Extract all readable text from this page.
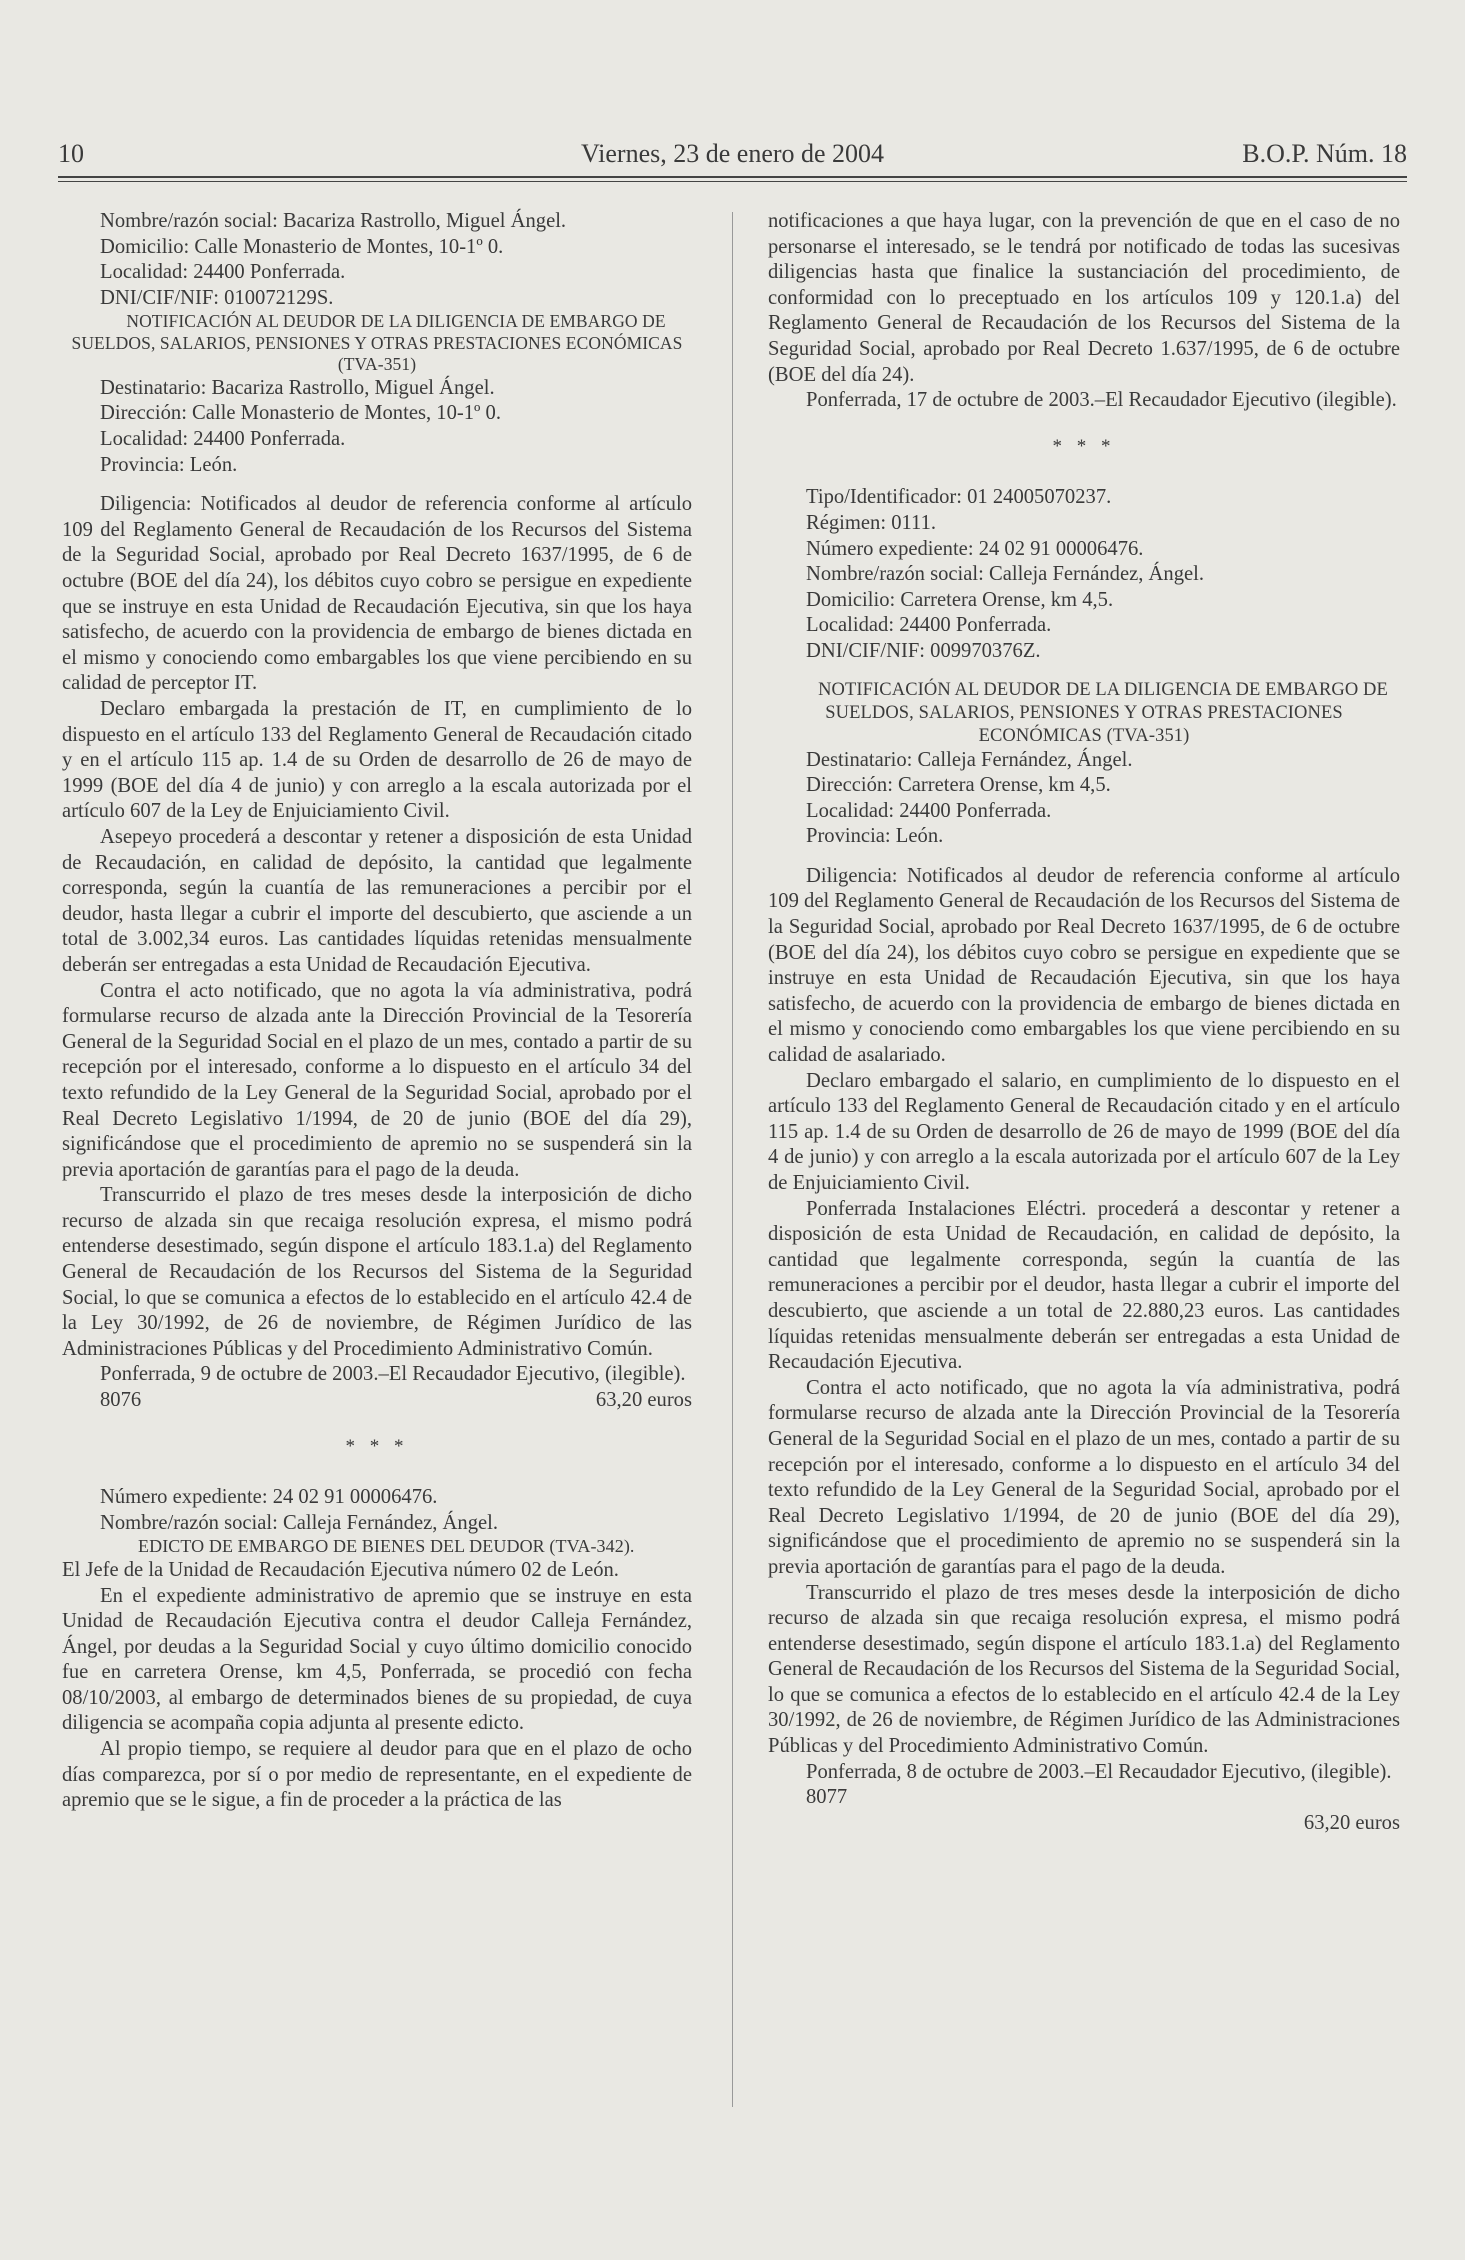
10	Viernes, 23 de enero de 2004	B.O.P. Núm. 18
Nombre/razón social: Bacariza Rastrollo, Miguel Ángel.
Domicilio: Calle Monasterio de Montes, 10-1º 0.
Localidad: 24400 Ponferrada.
DNI/CIF/NIF: 010072129S.

NOTIFICACIÓN AL DEUDOR DE LA DILIGENCIA DE EMBARGO DE SUELDOS, SALARIOS, PENSIONES Y OTRAS PRESTACIONES ECONÓMICAS (TVA-351)

Destinatario: Bacariza Rastrollo, Miguel Ángel.
Dirección: Calle Monasterio de Montes, 10-1º 0.
Localidad: 24400 Ponferrada.
Provincia: León.

Diligencia: Notificados al deudor de referencia conforme al artículo 109 del Reglamento General de Recaudación de los Recursos del Sistema de la Seguridad Social, aprobado por Real Decreto 1637/1995, de 6 de octubre (BOE del día 24), los débitos cuyo cobro se persigue en expediente que se instruye en esta Unidad de Recaudación Ejecutiva, sin que los haya satisfecho, de acuerdo con la providencia de embargo de bienes dictada en el mismo y conociendo como embargables los que viene percibiendo en su calidad de perceptor IT.

Declaro embargada la prestación de IT, en cumplimiento de lo dispuesto en el artículo 133 del Reglamento General de Recaudación citado y en el artículo 115 ap. 1.4 de su Orden de desarrollo de 26 de mayo de 1999 (BOE del día 4 de junio) y con arreglo a la escala autorizada por el artículo 607 de la Ley de Enjuiciamiento Civil.

Asepeyo procederá a descontar y retener a disposición de esta Unidad de Recaudación, en calidad de depósito, la cantidad que legalmente corresponda, según la cuantía de las remuneraciones a percibir por el deudor, hasta llegar a cubrir el importe del descubierto, que asciende a un total de 3.002,34 euros. Las cantidades líquidas retenidas mensualmente deberán ser entregadas a esta Unidad de Recaudación Ejecutiva.

Contra el acto notificado, que no agota la vía administrativa, podrá formularse recurso de alzada ante la Dirección Provincial de la Tesorería General de la Seguridad Social en el plazo de un mes, contado a partir de su recepción por el interesado, conforme a lo dispuesto en el artículo 34 del texto refundido de la Ley General de la Seguridad Social, aprobado por el Real Decreto Legislativo 1/1994, de 20 de junio (BOE del día 29), significándose que el procedimiento de apremio no se suspenderá sin la previa aportación de garantías para el pago de la deuda.

Transcurrido el plazo de tres meses desde la interposición de dicho recurso de alzada sin que recaiga resolución expresa, el mismo podrá entenderse desestimado, según dispone el artículo 183.1.a) del Reglamento General de Recaudación de los Recursos del Sistema de la Seguridad Social, lo que se comunica a efectos de lo establecido en el artículo 42.4 de la Ley 30/1992, de 26 de noviembre, de Régimen Jurídico de las Administraciones Públicas y del Procedimiento Administrativo Común.

Ponferrada, 9 de octubre de 2003.–El Recaudador Ejecutivo, (ilegible).

8076	63,20 euros
* * *
Número expediente: 24 02 91 00006476.
Nombre/razón social: Calleja Fernández, Ángel.

EDICTO DE EMBARGO DE BIENES DEL DEUDOR (TVA-342).

El Jefe de la Unidad de Recaudación Ejecutiva número 02 de León.

En el expediente administrativo de apremio que se instruye en esta Unidad de Recaudación Ejecutiva contra el deudor Calleja Fernández, Ángel, por deudas a la Seguridad Social y cuyo último domicilio conocido fue en carretera Orense, km 4,5, Ponferrada, se procedió con fecha 08/10/2003, al embargo de determinados bienes de su propiedad, de cuya diligencia se acompaña copia adjunta al presente edicto.

Al propio tiempo, se requiere al deudor para que en el plazo de ocho días comparezca, por sí o por medio de representante, en el expediente de apremio que se le sigue, a fin de proceder a la práctica de las

notificaciones a que haya lugar, con la prevención de que en el caso de no personarse el interesado, se le tendrá por notificado de todas las sucesivas diligencias hasta que finalice la sustanciación del procedimiento, de conformidad con lo preceptuado en los artículos 109 y 120.1.a) del Reglamento General de Recaudación de los Recursos del Sistema de la Seguridad Social, aprobado por Real Decreto 1.637/1995, de 6 de octubre (BOE del día 24).

Ponferrada, 17 de octubre de 2003.–El Recaudador Ejecutivo (ilegible).

* * *
Tipo/Identificador: 01 24005070237.
Régimen: 0111.
Número expediente: 24 02 91 00006476.
Nombre/razón social: Calleja Fernández, Ángel.
Domicilio: Carretera Orense, km 4,5.
Localidad: 24400 Ponferrada.
DNI/CIF/NIF: 009970376Z.

NOTIFICACIÓN AL DEUDOR DE LA DILIGENCIA DE EMBARGO DE SUELDOS, SALARIOS, PENSIONES Y OTRAS PRESTACIONES ECONÓMICAS (TVA-351)

Destinatario: Calleja Fernández, Ángel.
Dirección: Carretera Orense, km 4,5.
Localidad: 24400 Ponferrada.
Provincia: León.

Diligencia: Notificados al deudor de referencia conforme al artículo 109 del Reglamento General de Recaudación de los Recursos del Sistema de la Seguridad Social, aprobado por Real Decreto 1637/1995, de 6 de octubre (BOE del día 24), los débitos cuyo cobro se persigue en expediente que se instruye en esta Unidad de Recaudación Ejecutiva, sin que los haya satisfecho, de acuerdo con la providencia de embargo de bienes dictada en el mismo y conociendo como embargables los que viene percibiendo en su calidad de asalariado.

Declaro embargado el salario, en cumplimiento de lo dispuesto en el artículo 133 del Reglamento General de Recaudación citado y en el artículo 115 ap. 1.4 de su Orden de desarrollo de 26 de mayo de 1999 (BOE del día 4 de junio) y con arreglo a la escala autorizada por el artículo 607 de la Ley de Enjuiciamiento Civil.

Ponferrada Instalaciones Eléctri. procederá a descontar y retener a disposición de esta Unidad de Recaudación, en calidad de depósito, la cantidad que legalmente corresponda, según la cuantía de las remuneraciones a percibir por el deudor, hasta llegar a cubrir el importe del descubierto, que asciende a un total de 22.880,23 euros. Las cantidades líquidas retenidas mensualmente deberán ser entregadas a esta Unidad de Recaudación Ejecutiva.

Contra el acto notificado, que no agota la vía administrativa, podrá formularse recurso de alzada ante la Dirección Provincial de la Tesorería General de la Seguridad Social en el plazo de un mes, contado a partir de su recepción por el interesado, conforme a lo dispuesto en el artículo 34 del texto refundido de la Ley General de la Seguridad Social, aprobado por el Real Decreto Legislativo 1/1994, de 20 de junio (BOE del día 29), significándose que el procedimiento de apremio no se suspenderá sin la previa aportación de garantías para el pago de la deuda.

Transcurrido el plazo de tres meses desde la interposición de dicho recurso de alzada sin que recaiga resolución expresa, el mismo podrá entenderse desestimado, según dispone el artículo 183.1.a) del Reglamento General de Recaudación de los Recursos del Sistema de la Seguridad Social, lo que se comunica a efectos de lo establecido en el artículo 42.4 de la Ley 30/1992, de 26 de noviembre, de Régimen Jurídico de las Administraciones Públicas y del Procedimiento Administrativo Común.

Ponferrada, 8 de octubre de 2003.–El Recaudador Ejecutivo, (ilegible).

8077
63,20 euros
